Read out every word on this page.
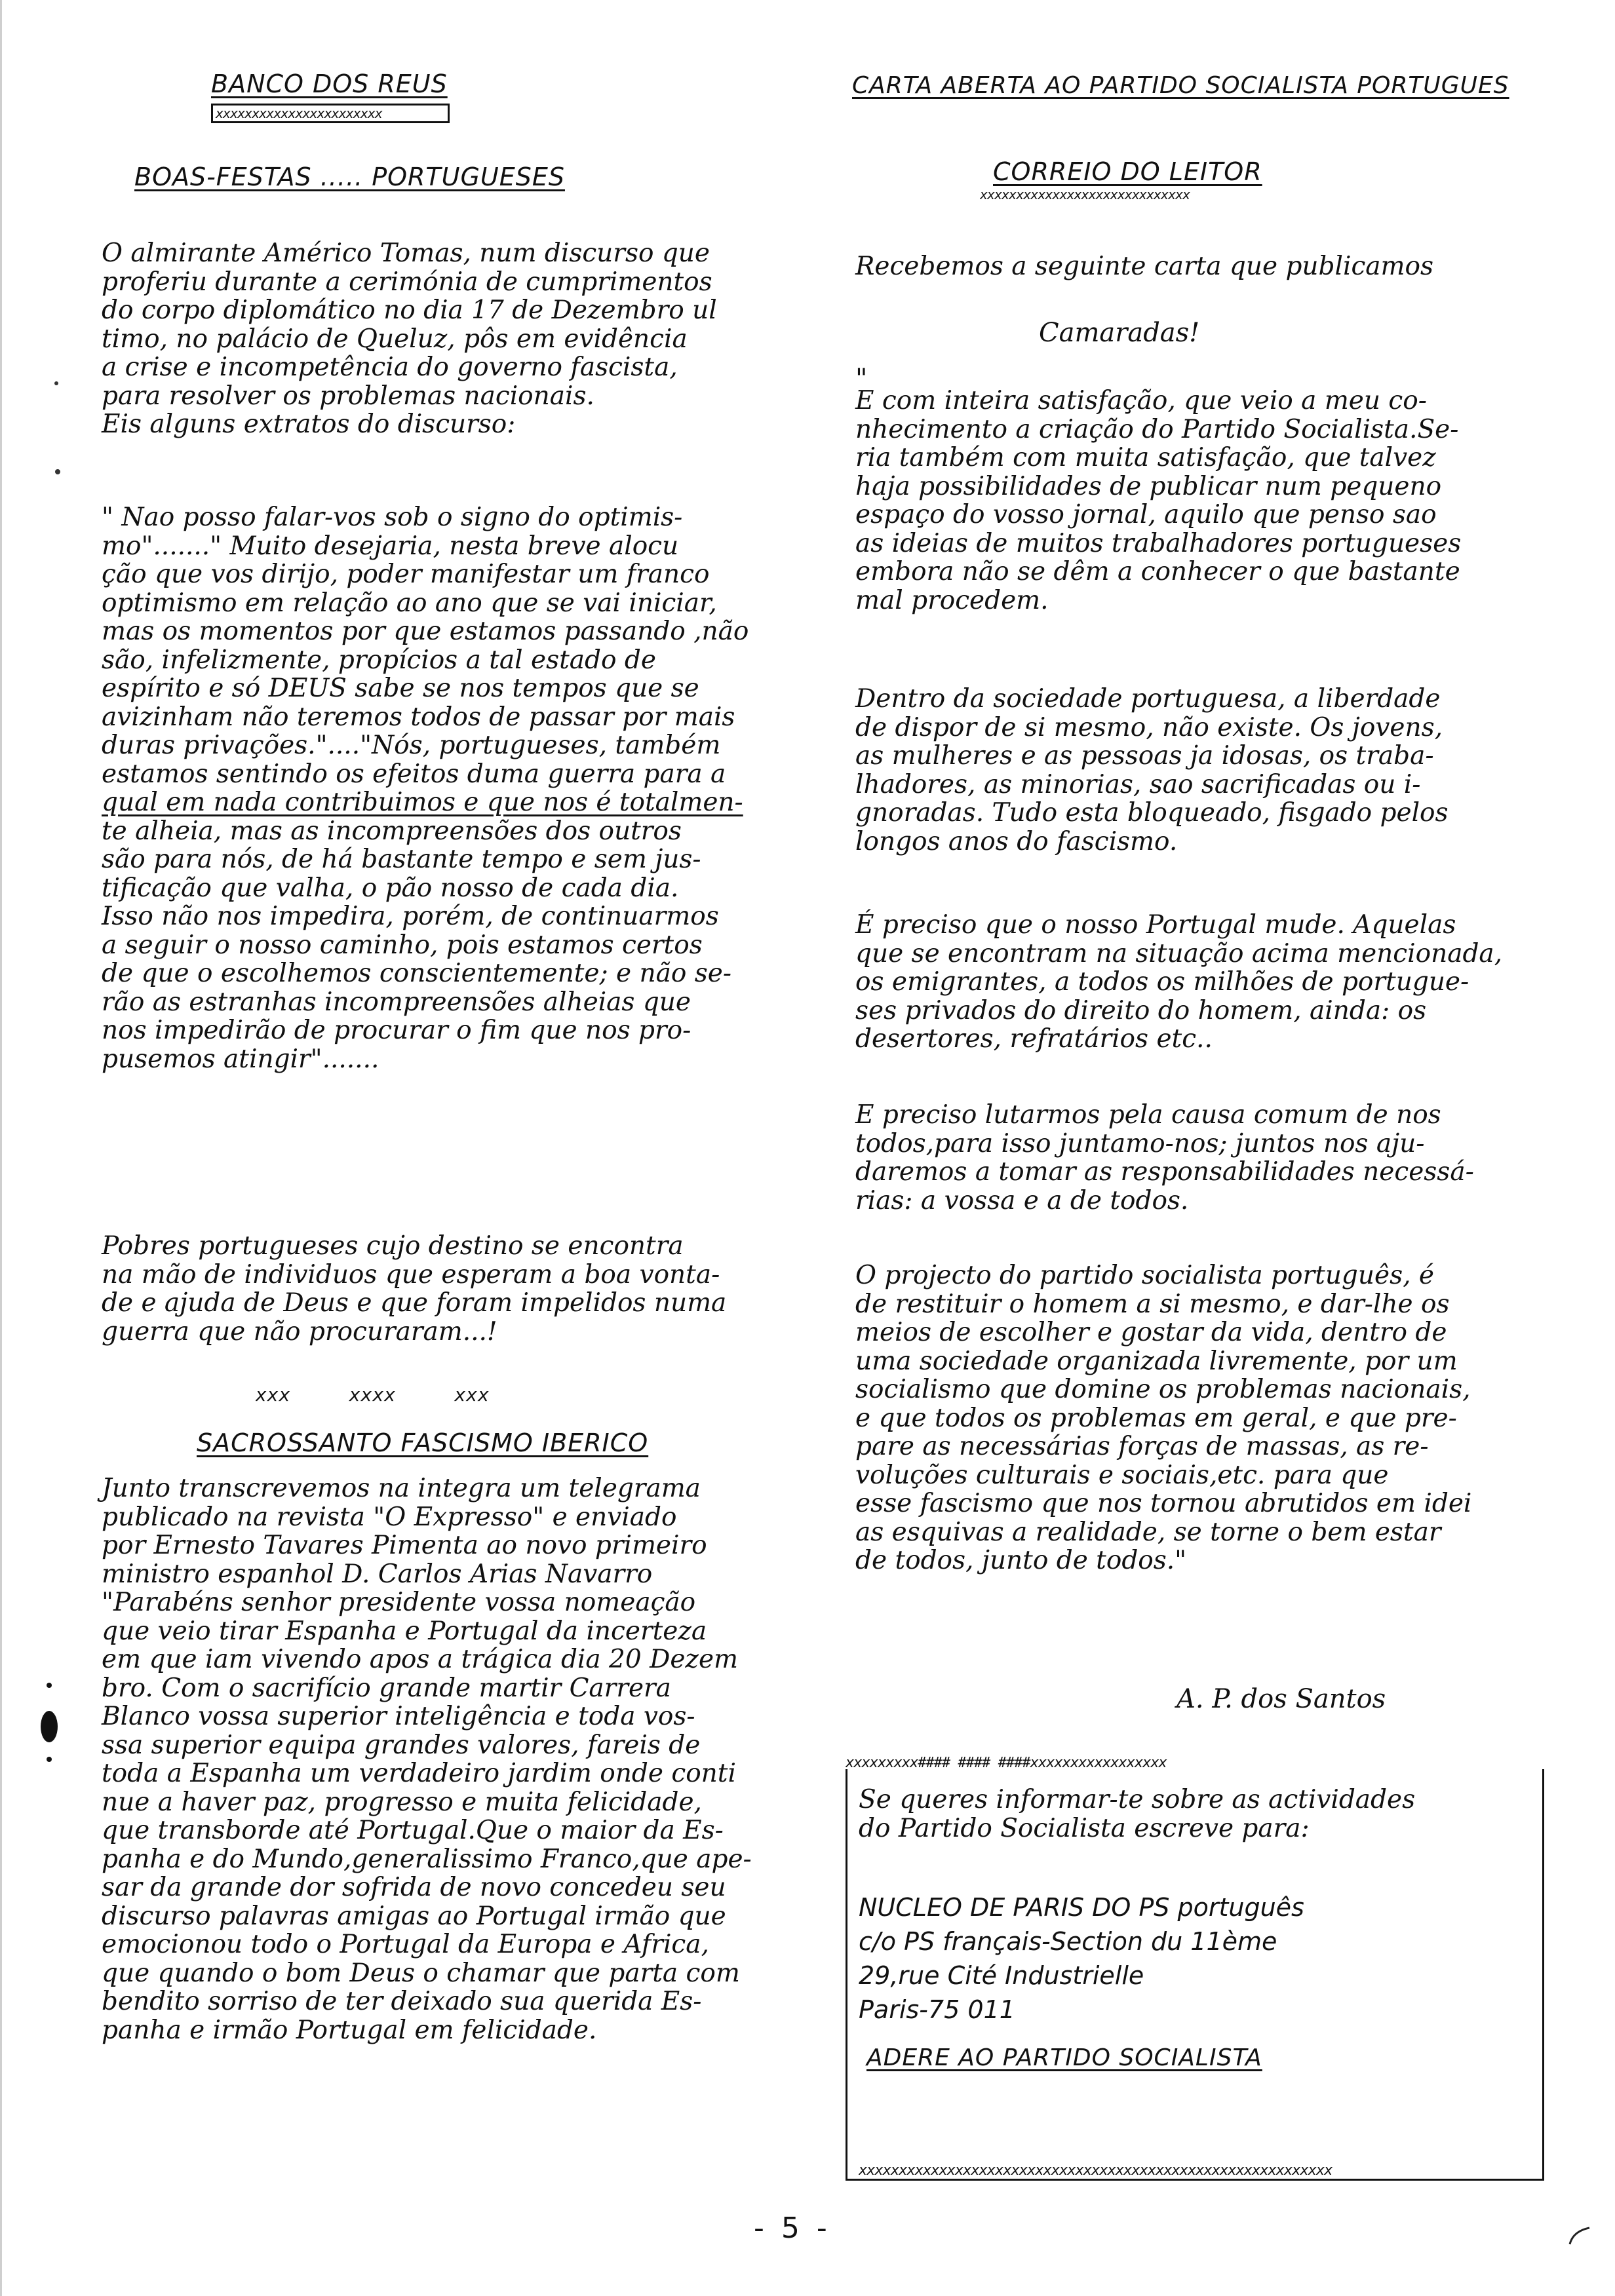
BANCO DOS REUS
xxxxxxxxxxxxxxxxxxxxxxx
BOAS-FESTAS ..... PORTUGUESES

O almirante Américo Tomas, num discurso que
proferiu durante a cerimónia de cumprimentos
do corpo diplomático no dia 17 de Dezembro ul
timo, no palácio de Queluz, pôs em evidência
a crise e incompetência do governo fascista,
para resolver os problemas nacionais.
Eis alguns extratos do discurso:

" Nao posso falar-vos sob o signo do optimis-
mo"......." Muito desejaria, nesta breve alocu
ção que vos dirijo, poder manifestar um franco
optimismo em relação ao ano que se vai iniciar,
mas os momentos por que estamos passando ,não
são, infelizmente, propícios a tal estado de
espírito e só DEUS sabe se nos tempos que se
avizinham não teremos todos de passar por mais
duras privações."...."Nós, portugueses, também
estamos sentindo os efeitos duma guerra para a
qual em nada contribuimos e que nos é totalmen-
te alheia, mas as incompreensões dos outros
são para nós, de há bastante tempo e sem jus-
tificação que valha, o pão nosso de cada dia.
Isso não nos impedira, porém, de continuarmos
a seguir o nosso caminho, pois estamos certos
de que o escolhemos conscientemente; e não se-
rão as estranhas incompreensões alheias que
nos impedirão de procurar o fim que nos pro-
pusemos atingir".......

Pobres portugueses cujo destino se encontra
na mão de individuos que esperam a boa vonta-
de e ajuda de Deus e que foram impelidos numa
guerra que não procuraram...!

xxx     xxxx     xxx
SACROSSANTO FASCISMO IBERICO

Junto transcrevemos na integra um telegrama
publicado na revista "O Expresso" e enviado
por Ernesto Tavares Pimenta ao novo primeiro
ministro espanhol D. Carlos Arias Navarro
"Parabéns senhor presidente vossa nomeação
que veio tirar Espanha e Portugal da incerteza
em que iam vivendo apos a trágica dia 20 Dezem
bro. Com o sacrifício grande martir Carrera
Blanco vossa superior inteligência e toda vos-
ssa superior equipa grandes valores, fareis de
toda a Espanha um verdadeiro jardim onde conti
nue a haver paz, progresso e muita felicidade,
que transborde até Portugal.Que o maior da Es-
panha e do Mundo,generalissimo Franco,que ape-
sar da grande dor sofrida de novo concedeu seu
discurso palavras amigas ao Portugal irmão que
emocionou todo o Portugal da Europa e Africa,
que quando o bom Deus o chamar que parta com
bendito sorriso de ter deixado sua querida Es-
panha e irmão Portugal em felicidade.

CARTA ABERTA AO PARTIDO SOCIALISTA PORTUGUES
CORREIO DO LEITOR
xxxxxxxxxxxxxxxxxxxxxxxxxxxxx

Recebemos a seguinte carta que publicamos

Camaradas!
"

E com inteira satisfação, que veio a meu co-
nhecimento a criação do Partido Socialista.Se-
ria também com muita satisfação, que talvez
haja possibilidades de publicar num pequeno
espaço do vosso jornal, aquilo que penso sao
as ideias de muitos trabalhadores portugueses
embora não se dêm a conhecer o que bastante
mal procedem.

Dentro da sociedade portuguesa, a liberdade
de dispor de si mesmo, não existe. Os jovens,
as mulheres e as pessoas ja idosas, os traba-
lhadores, as minorias, sao sacrificadas ou i-
gnoradas. Tudo esta bloqueado, fisgado pelos
longos anos do fascismo.

É preciso que o nosso Portugal mude. Aquelas
que se encontram na situação acima mencionada,
os emigrantes, a todos os milhões de portugue-
ses privados do direito do homem, ainda: os
desertores, refratários etc..

E preciso lutarmos pela causa comum de nos
todos,para isso juntamo-nos; juntos nos aju-
daremos a tomar as responsabilidades necessá-
rias: a vossa e a de todos.

O projecto do partido socialista português, é
de restituir o homem a si mesmo, e dar-lhe os
meios de escolher e gostar da vida, dentro de
uma sociedade organizada livremente, por um
socialismo que domine os problemas nacionais,
e que todos os problemas em geral, e que pre-
pare as necessárias forças de massas, as re-
voluções culturais e sociais,etc. para que
esse fascismo que nos tornou abrutidos em idei
as esquivas a realidade, se torne o bem estar
de todos, junto de todos."

A. P. dos Santos
xxxxxxxxx#### #### ####xxxxxxxxxxxxxxxxx

Se queres informar-te sobre as actividades
do Partido Socialista escreve para:

NUCLEO DE PARIS DO PS português
c/o PS français-Section du 11ème
29,rue Cité Industrielle
Paris-75 011

ADERE AO PARTIDO SOCIALISTA
xxxxxxxxxxxxxxxxxxxxxxxxxxxxxxxxxxxxxxxxxxxxxxxxxxxxxxxxxxx
- 5 -
